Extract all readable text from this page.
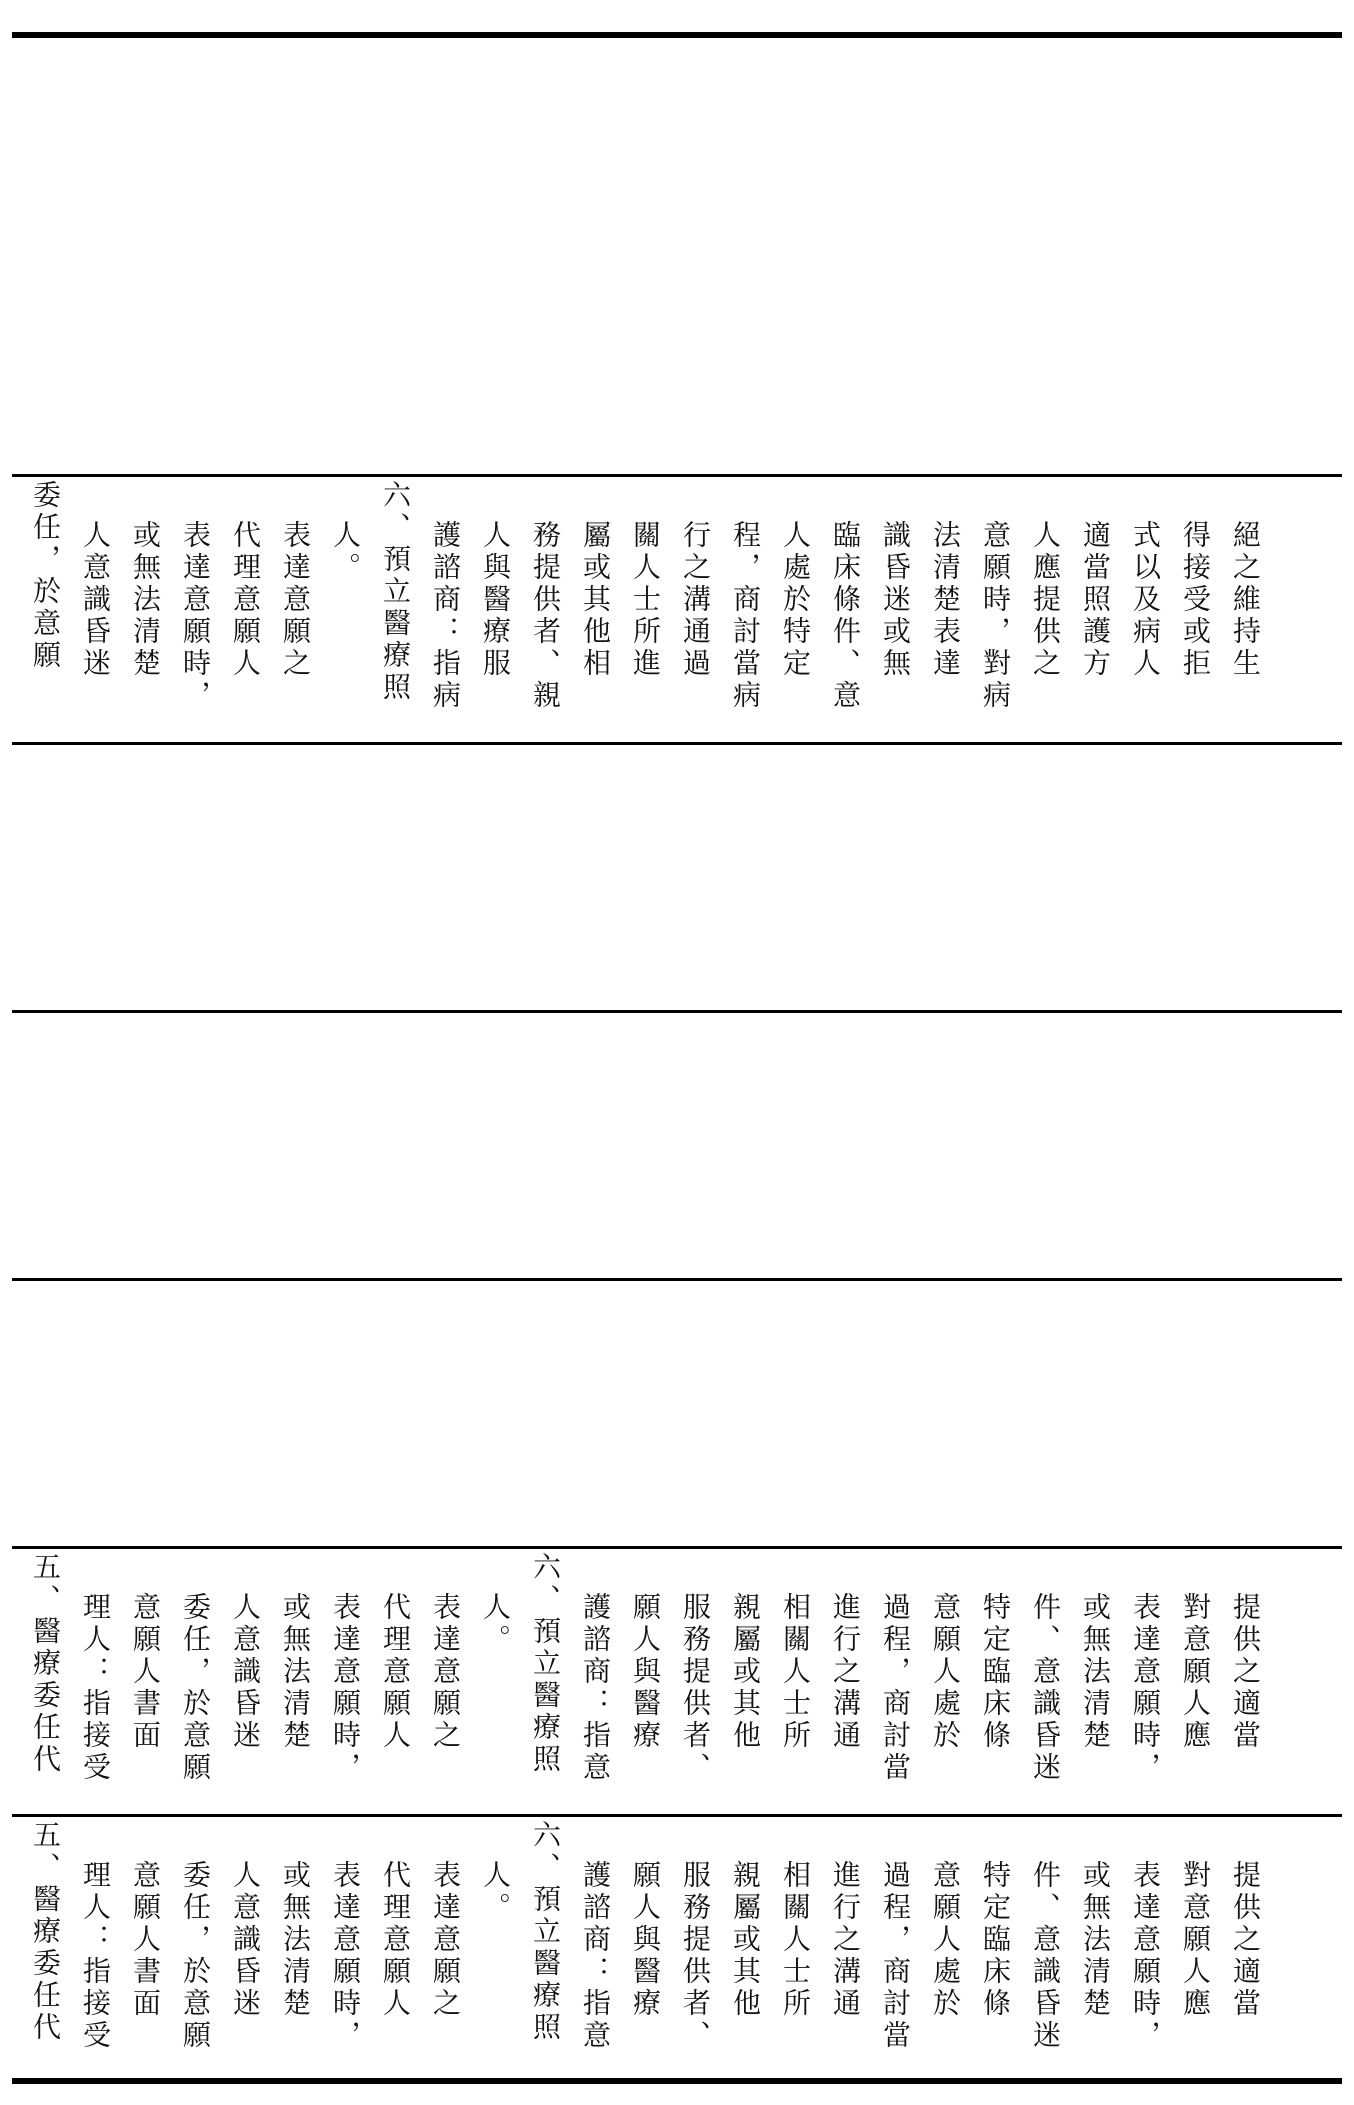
委任，於意願 人意識昏迷 或無法清楚 表達意願時， 代理意願人 表達意願之 人。 六、預立醫療照 護諮商：指病 人與醫療服 務提供者、親 屬或其他相 關人士所進 行之溝通過 程，商討當病 人處於特定 臨床條件、意 識昏迷或無 法清楚表達 意願時，對病 人應提供之 適當照護方 式以及病人 得接受或拒 絕之維持生
五、醫療委任代 理人：指接受 意願人書面 委任，於意願 人意識昏迷 或無法清楚 表達意願時， 代理意願人 表達意願之 人。 六、預立醫療照 護諮商：指意 願人與醫療 服務提供者、 親屬或其他 相關人士所 進行之溝通 過程，商討當 意願人處於 特定臨床條 件、意識昏迷 或無法清楚 表達意願時， 對意願人應 提供之適當
五、醫療委任代 理人：指接受 意願人書面 委任，於意願 人意識昏迷 或無法清楚 表達意願時， 代理意願人 表達意願之 人。 六、預立醫療照 護諮商：指意 願人與醫療 服務提供者、 親屬或其他 相關人士所 進行之溝通 過程，商討當 意願人處於 特定臨床條 件、意識昏迷 或無法清楚 表達意願時， 對意願人應 提供之適當
